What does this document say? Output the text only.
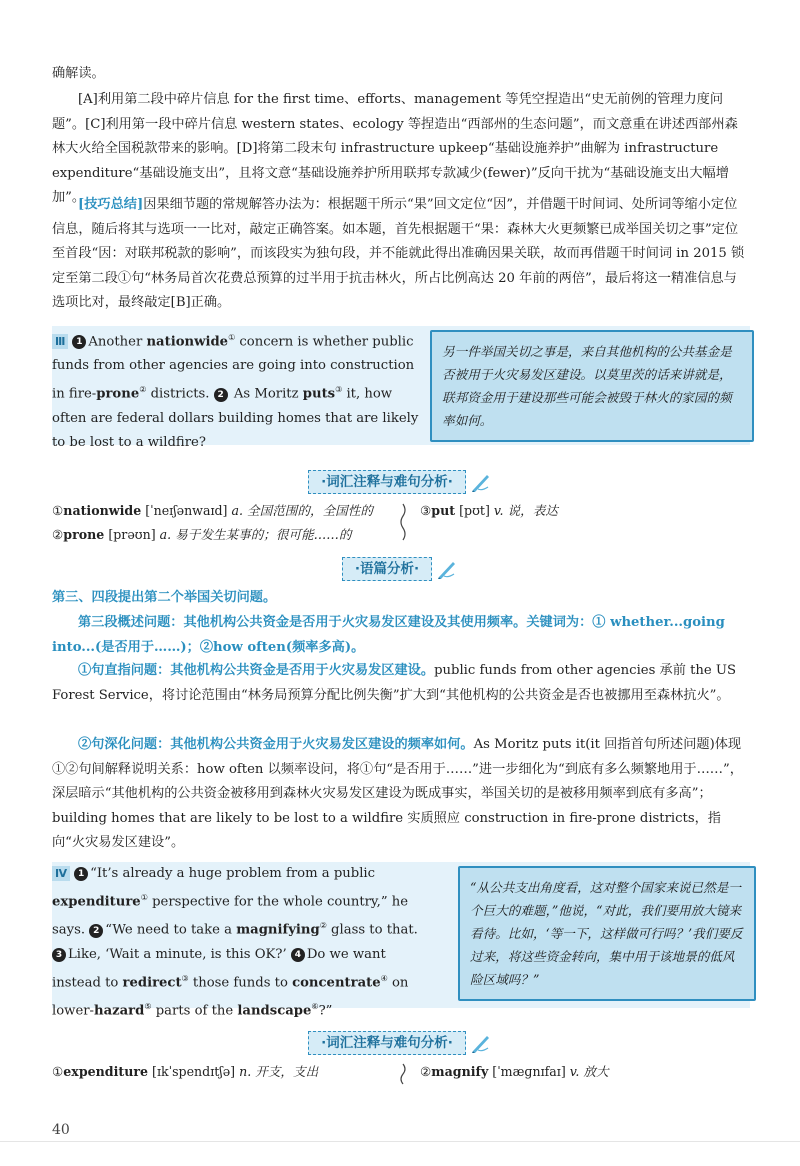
确解读。

[A]利用第二段中碎片信息 for the first time、efforts、management 等凭空捏造出“史无前例的管理力度问题”。[C]利用第一段中碎片信息 western states、ecology 等捏造出“西部州的生态问题”，而文意重在讲述西部州森林大火给全国税款带来的影响。[D]将第二段末句 infrastructure upkeep“基础设施养护”曲解为 infrastructure expenditure“基础设施支出”，且将文意“基础设施养护所用联邦专款减少(fewer)”反向干扰为“基础设施支出大幅增加”。

[技巧总结]因果细节题的常规解答办法为：根据题干所示“果”回文定位“因”，并借题干时间词、处所词等缩小定位信息，随后将其与选项一一比对，敲定正确答案。如本题，首先根据题干“果：森林大火更频繁已成举国关切之事”定位至首段“因：对联邦税款的影响”，而该段实为独句段，并不能就此得出准确因果关联，故而再借题干时间词 in 2015 锁定至第二段①句“林务局首次花费总预算的过半用于抗击林火，所占比例高达 20 年前的两倍”，最后将这一精准信息与选项比对，最终敲定[B]正确。

Ⅲ 1 Another nationwide① concern is whether public funds from other agencies are going into construction in fire-prone② districts. 2 As Moritz puts③ it, how often are federal dollars building homes that are likely to be lost to a wildfire?
另一件举国关切之事是，来自其他机构的公共基金是否被用于火灾易发区建设。以莫里茨的话来讲就是，联邦资金用于建设那些可能会被毁于林火的家园的频率如何。
·词汇注释与难句分析·
①nationwide [ˈneɪʃənwaɪd] a. 全国范围的，全国性的
②prone [prəʊn] a. 易于发生某事的；很可能……的
③put [pʊt] v. 说，表达
·语篇分析·

第三、四段提出第二个举国关切问题。

第三段概述问题：其他机构公共资金是否用于火灾易发区建设及其使用频率。关键词为：① whether...going into...(是否用于……)；②how often(频率多高)。

①句直指问题：其他机构公共资金是否用于火灾易发区建设。public funds from other agencies 承前 the US Forest Service，将讨论范围由“林务局预算分配比例失衡”扩大到“其他机构的公共资金是否也被挪用至森林抗火”。

②句深化问题：其他机构公共资金用于火灾易发区建设的频率如何。As Moritz puts it(it 回指首句所述问题)体现①②句间解释说明关系：how often 以频率设问，将①句“是否用于……”进一步细化为“到底有多么频繁地用于……”，深层暗示“其他机构的公共资金被移用到森林火灾易发区建设为既成事实，举国关切的是被移用频率到底有多高”；building homes that are likely to be lost to a wildfire 实质照应 construction in fire-prone districts，指向“火灾易发区建设”。

Ⅳ 1 “It’s already a huge problem from a public expenditure① perspective for the whole country,” he says. 2 “We need to take a magnifying② glass to that. 3 Like, ‘Wait a minute, is this OK?’ 4 Do we want instead to redirect③ those funds to concentrate④ on lower-hazard⑤ parts of the landscape⑥?”
“从公共支出角度看，这对整个国家来说已然是一个巨大的难题，”他说，“对此，我们要用放大镜来看待。比如，‘等一下，这样做可行吗？’我们要反过来，将这些资金转向，集中用于该地景的低风险区域吗？”
·词汇注释与难句分析·
①expenditure [ɪkˈspendɪtʃə] n. 开支，支出	②magnify [ˈmæɡnɪfaɪ] v. 放大
40
